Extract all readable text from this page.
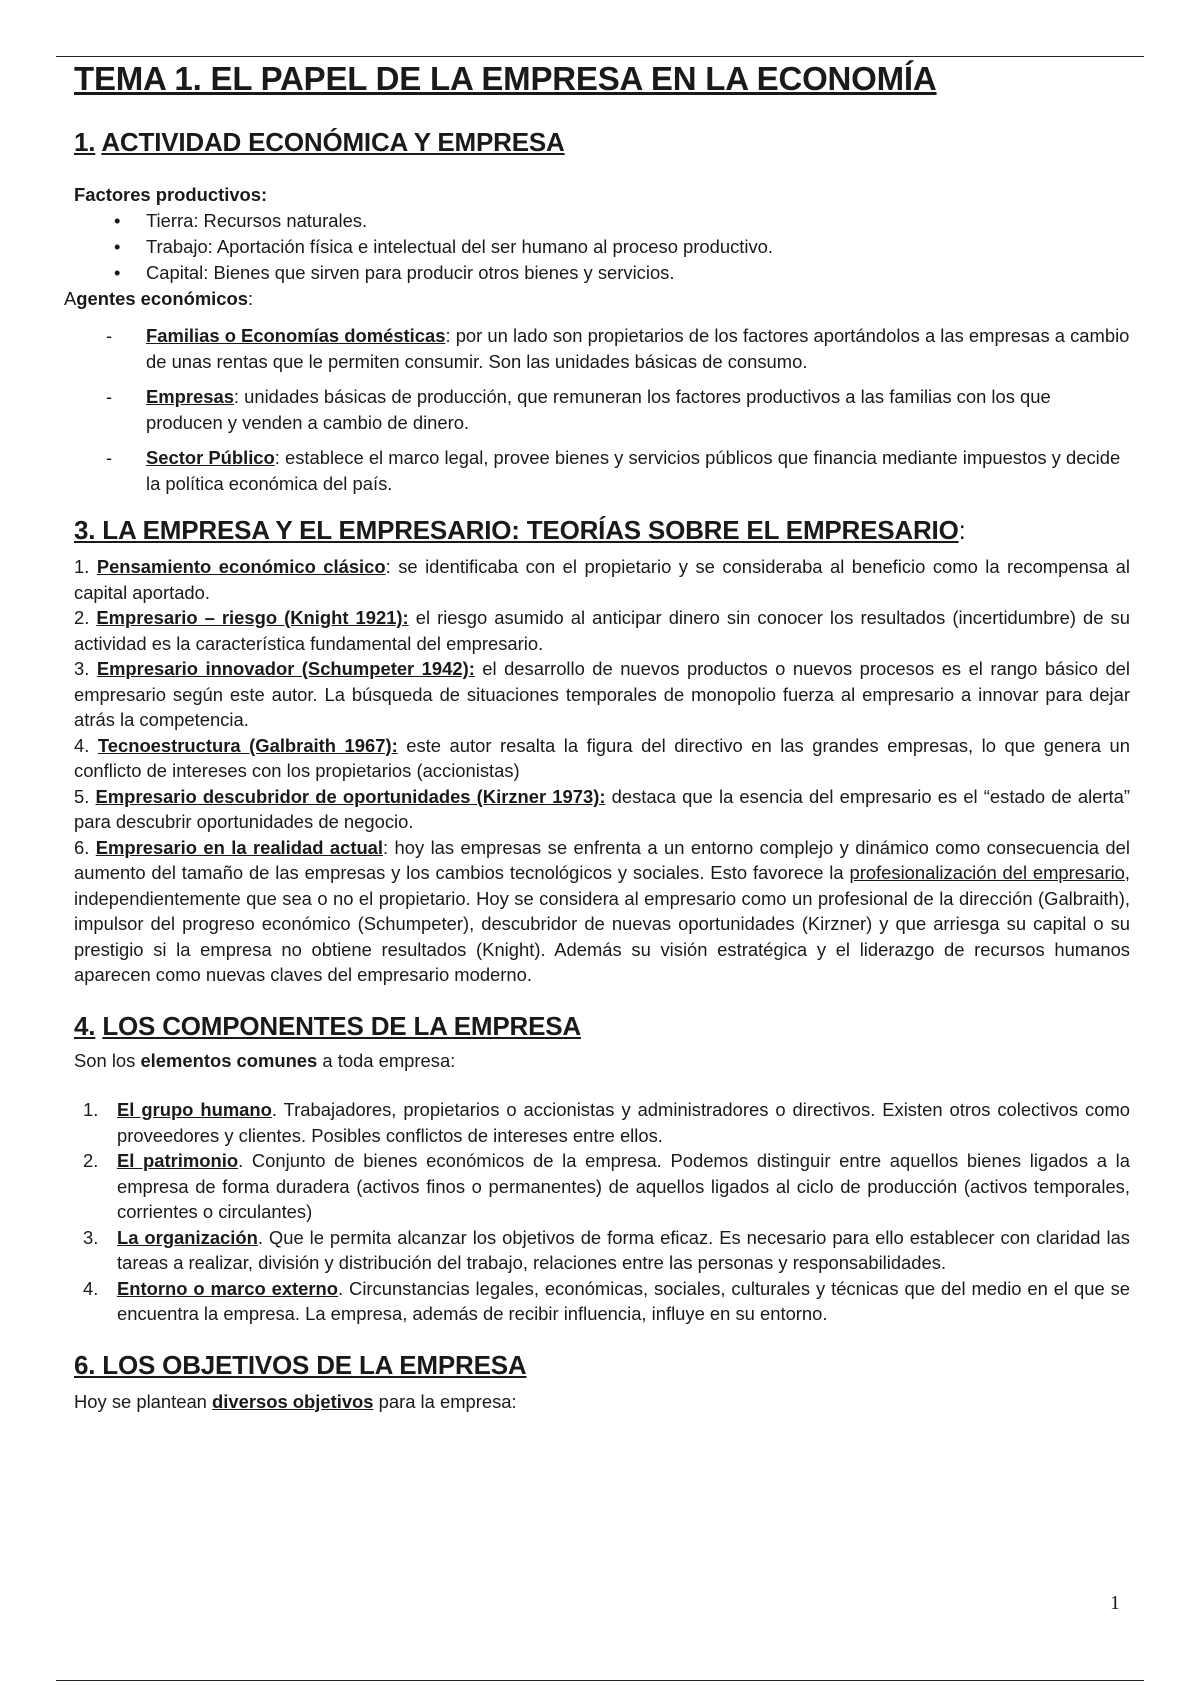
TEMA 1. EL PAPEL DE LA EMPRESA EN LA ECONOMÍA
1. ACTIVIDAD ECONÓMICA Y EMPRESA
Factores productivos:
• Tierra: Recursos naturales.
• Trabajo: Aportación física e intelectual del ser humano al proceso productivo.
• Capital: Bienes que sirven para producir otros bienes y servicios.
Agentes económicos:
- Familias o Economías domésticas: por un lado son propietarios de los factores aportándolos a las empresas a cambio de unas rentas que le permiten consumir. Son las unidades básicas de consumo.
- Empresas: unidades básicas de producción, que remuneran los factores productivos a las familias con los que producen y venden a cambio de dinero.
- Sector Público: establece el marco legal, provee bienes y servicios públicos que financia mediante impuestos y decide la política económica del país.
3. LA EMPRESA Y EL EMPRESARIO: TEORÍAS SOBRE EL EMPRESARIO:
1. Pensamiento económico clásico: se identificaba con el propietario y se consideraba al beneficio como la recompensa al capital aportado.
2. Empresario – riesgo (Knight 1921): el riesgo asumido al anticipar dinero sin conocer los resultados (incertidumbre) de su actividad es la característica fundamental del empresario.
3. Empresario innovador (Schumpeter 1942): el desarrollo de nuevos productos o nuevos procesos es el rango básico del empresario según este autor. La búsqueda de situaciones temporales de monopolio fuerza al empresario a innovar para dejar atrás la competencia.
4. Tecnoestructura (Galbraith 1967): este autor resalta la figura del directivo en las grandes empresas, lo que genera un conflicto de intereses con los propietarios (accionistas)
5. Empresario descubridor de oportunidades (Kirzner 1973): destaca que la esencia del empresario es el “estado de alerta” para descubrir oportunidades de negocio.
6. Empresario en la realidad actual: hoy las empresas se enfrenta a un entorno complejo y dinámico como consecuencia del aumento del tamaño de las empresas y los cambios tecnológicos y sociales. Esto favorece la profesionalización del empresario, independientemente que sea o no el propietario. Hoy se considera al empresario como un profesional de la dirección (Galbraith), impulsor del progreso económico (Schumpeter), descubridor de nuevas oportunidades (Kirzner) y que arriesga su capital o su prestigio si la empresa no obtiene resultados (Knight). Además su visión estratégica y el liderazgo de recursos humanos aparecen como nuevas claves del empresario moderno.
4. LOS COMPONENTES DE LA EMPRESA
Son los elementos comunes a toda empresa:
1. El grupo humano. Trabajadores, propietarios o accionistas y administradores o directivos. Existen otros colectivos como proveedores y clientes. Posibles conflictos de intereses entre ellos.
2. El patrimonio. Conjunto de bienes económicos de la empresa. Podemos distinguir entre aquellos bienes ligados a la empresa de forma duradera (activos finos o permanentes) de aquellos ligados al ciclo de producción (activos temporales, corrientes o circulantes)
3. La organización. Que le permita alcanzar los objetivos de forma eficaz. Es necesario para ello establecer con claridad las tareas a realizar, división y distribución del trabajo, relaciones entre las personas y responsabilidades.
4. Entorno o marco externo. Circunstancias legales, económicas, sociales, culturales y técnicas que del medio en el que se encuentra la empresa. La empresa, además de recibir influencia, influye en su entorno.
6. LOS OBJETIVOS DE LA EMPRESA
Hoy se plantean diversos objetivos para la empresa:
1
